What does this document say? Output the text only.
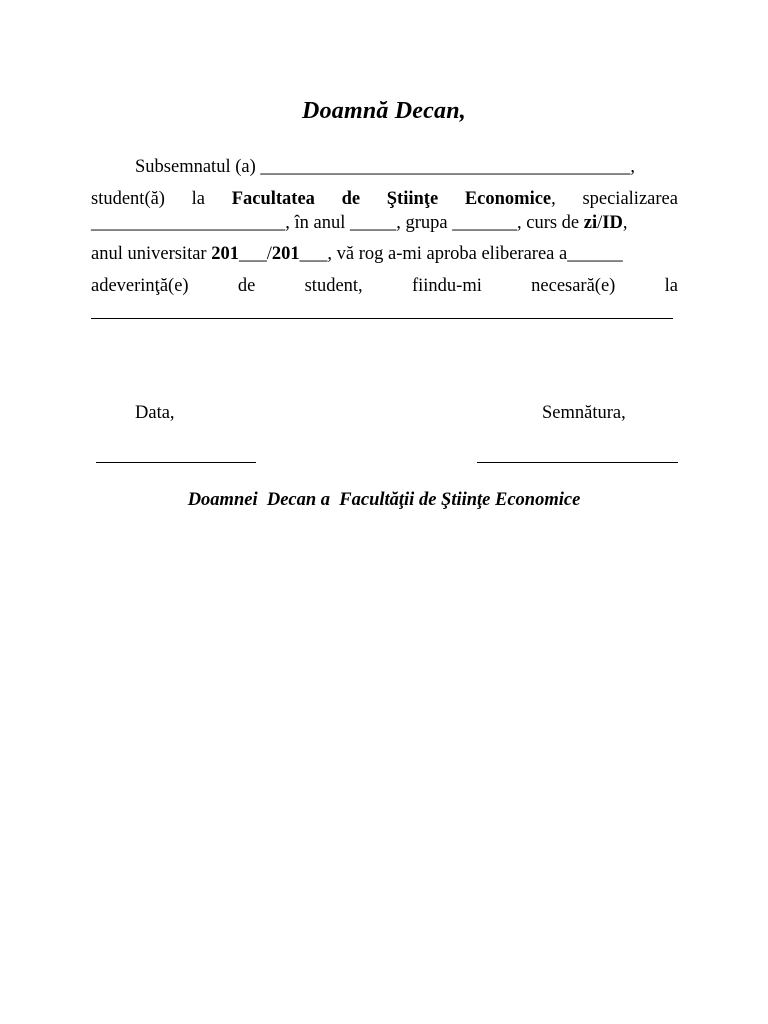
Doamnă Decan,
Subsemnatul (a) ________________________________________,
student(ă) la Facultatea de Ştiinţe Economice, specializarea
_____________________, în anul _____, grupa _______, curs de zi/ID,
anul universitar 201___/201___, vă rog a-mi aproba eliberarea a______
adeverinţă(e)	de	student,	fiindu-mi	necesară(e)	la
Data,	Semnătura,
Doamnei  Decan a  Facultăţii de Ştiinţe Economice
